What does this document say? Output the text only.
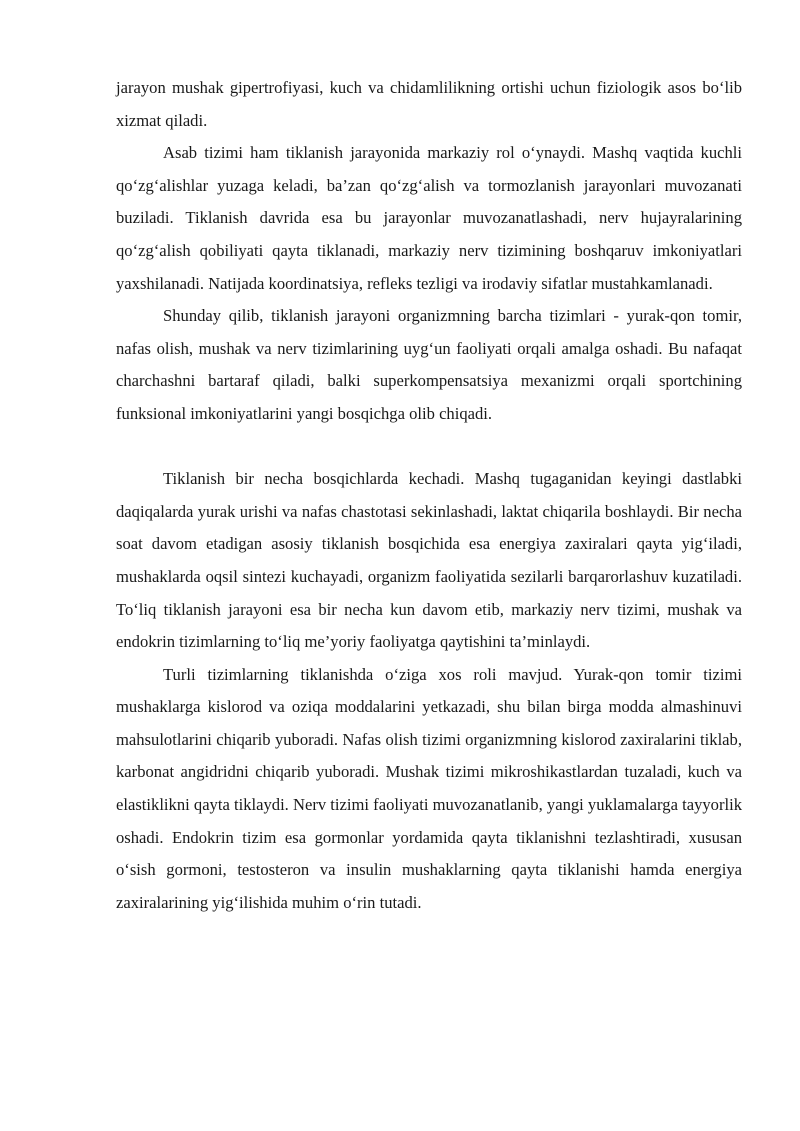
jarayon mushak gipertrofiyasi, kuch va chidamlilikning ortishi uchun fiziologik asos bo‘lib xizmat qiladi.

Asab tizimi ham tiklanish jarayonida markaziy rol o‘ynaydi. Mashq vaqtida kuchli qo‘zg‘alishlar yuzaga keladi, ba’zan qo‘zg‘alish va tormozlanish jarayonlari muvozanati buziladi. Tiklanish davrida esa bu jarayonlar muvozanatlashadi, nerv hujayralarining qo‘zg‘alish qobiliyati qayta tiklanadi, markaziy nerv tizimining boshqaruv imkoniyatlari yaxshilanadi. Natijada koordinatsiya, refleks tezligi va irodaviy sifatlar mustahkamlanadi.

Shunday qilib, tiklanish jarayoni organizmning barcha tizimlari - yurak-qon tomir, nafas olish, mushak va nerv tizimlarining uyg‘un faoliyati orqali amalga oshadi. Bu nafaqat charchashni bartaraf qiladi, balki superkompensatsiya mexanizmi orqali sportchining funksional imkoniyatlarini yangi bosqichga olib chiqadi.

Tiklanish bir necha bosqichlarda kechadi. Mashq tugaganidan keyingi dastlabki daqiqalarda yurak urishi va nafas chastotasi sekinlashadi, laktat chiqarila boshlaydi. Bir necha soat davom etadigan asosiy tiklanish bosqichida esa energiya zaxiralari qayta yig‘iladi, mushaklarda oqsil sintezi kuchayadi, organizm faoliyatida sezilarli barqarorlashuv kuzatiladi. To‘liq tiklanish jarayoni esa bir necha kun davom etib, markaziy nerv tizimi, mushak va endokrin tizimlarning to‘liq me’yoriy faoliyatga qaytishini ta’minlaydi.

Turli tizimlarning tiklanishda o‘ziga xos roli mavjud. Yurak-qon tomir tizimi mushaklarga kislorod va oziqa moddalarini yetkazadi, shu bilan birga modda almashinuvi mahsulotlarini chiqarib yuboradi. Nafas olish tizimi organizmning kislorod zaxiralarini tiklab, karbonat angidridni chiqarib yuboradi. Mushak tizimi mikroshikastlardan tuzaladi, kuch va elastiklikni qayta tiklaydi. Nerv tizimi faoliyati muvozanatlanib, yangi yuklamalarga tayyorlik oshadi. Endokrin tizim esa gormonlar yordamida qayta tiklanishni tezlashtiradi, xususan o‘sish gormoni, testosteron va insulin mushaklarning qayta tiklanishi hamda energiya zaxiralarining yig‘ilishida muhim o‘rin tutadi.
